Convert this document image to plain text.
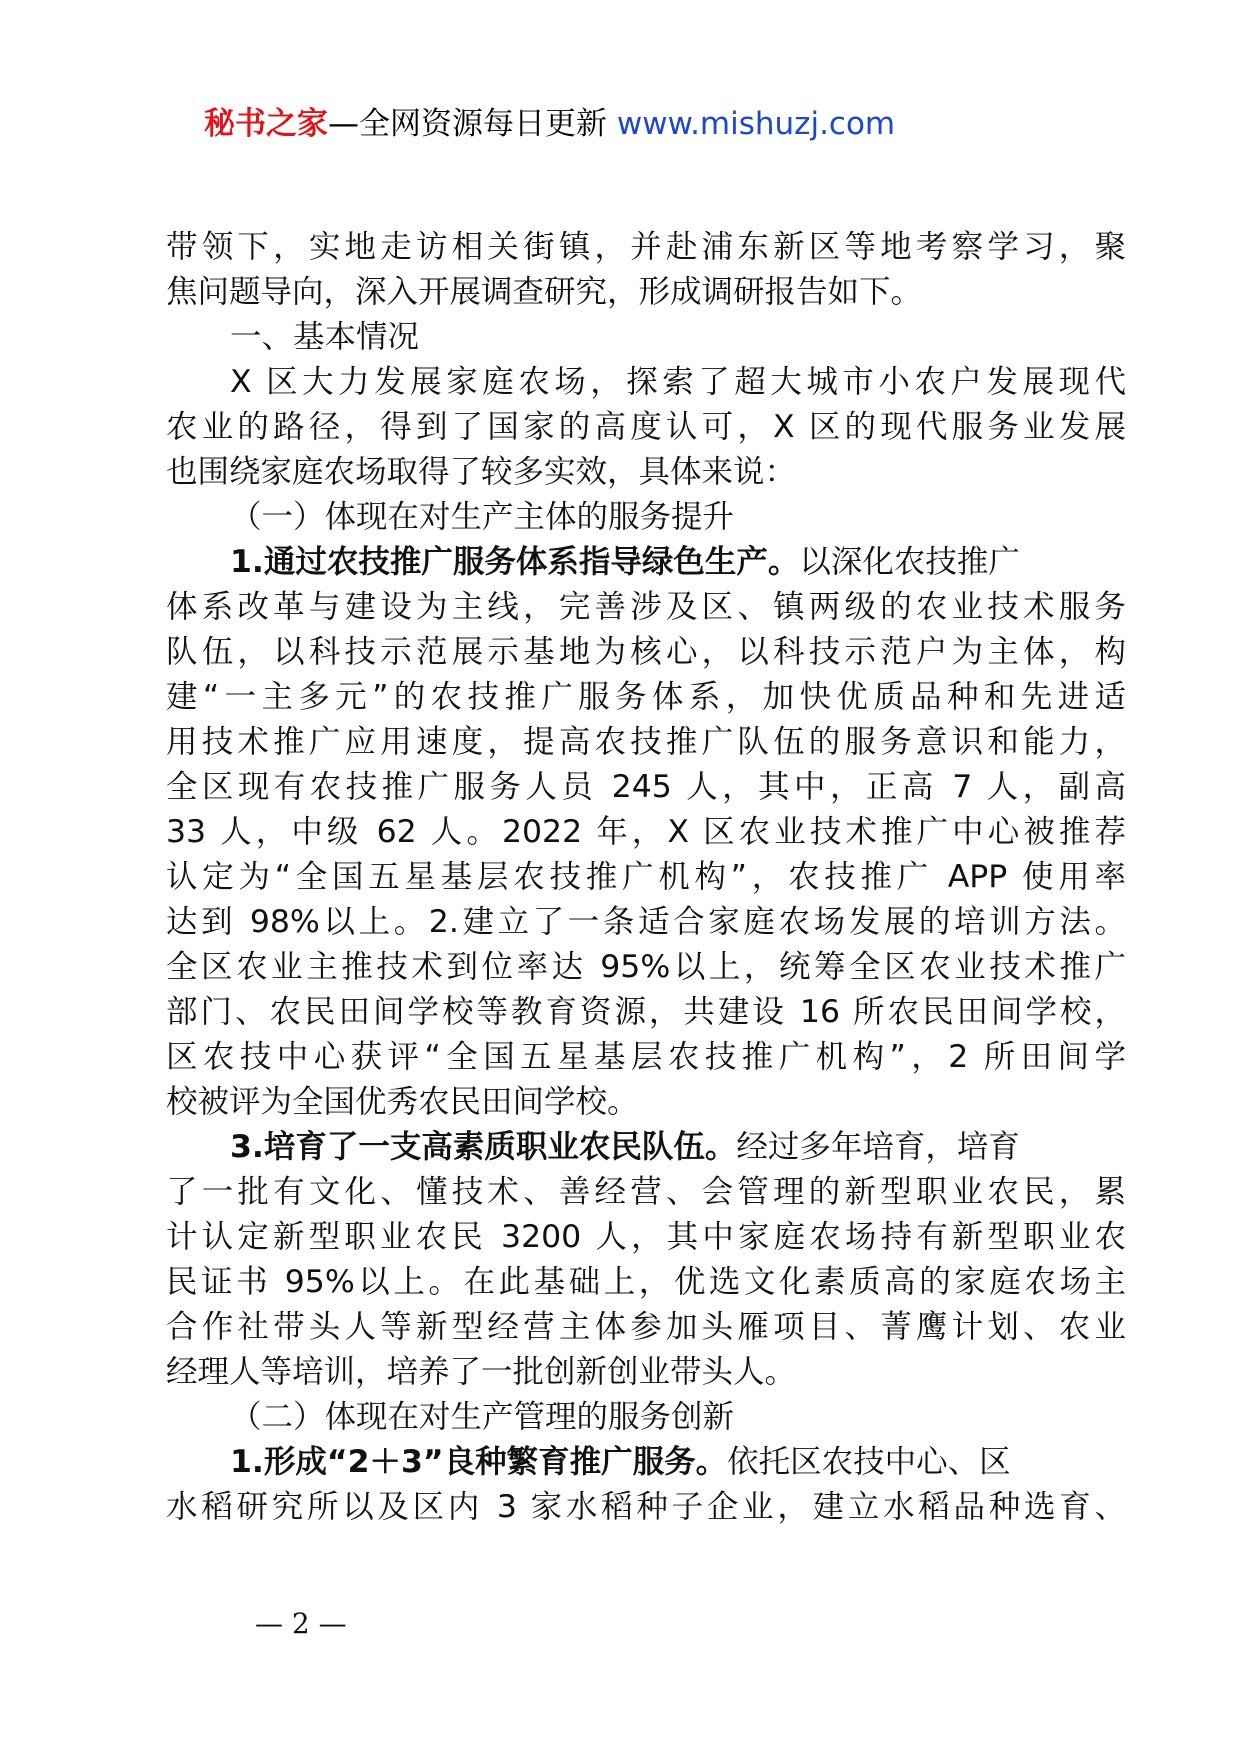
秘书之家—全网资源每日更新 www.mishuzj.com
带领下，实地走访相关街镇，并赴浦东新区等地考察学习，聚
焦问题导向，深入开展调查研究，形成调研报告如下。
一、基本情况
X 区大力发展家庭农场，探索了超大城市小农户发展现代
农业的路径，得到了国家的高度认可，X 区的现代服务业发展
也围绕家庭农场取得了较多实效，具体来说：
（一）体现在对生产主体的服务提升
1.通过农技推广服务体系指导绿色生产。以深化农技推广
体系改革与建设为主线，完善涉及区、镇两级的农业技术服务
队伍，以科技示范展示基地为核心，以科技示范户为主体，构
建“一主多元”的农技推广服务体系，加快优质品种和先进适
用技术推广应用速度，提高农技推广队伍的服务意识和能力，
全区现有农技推广服务人员 245 人，其中，正高 7 人，副高
33 人，中级 62 人。2022 年，X 区农业技术推广中心被推荐
认定为“全国五星基层农技推广机构”，农技推广 APP 使用率
达到 98%以上。2.建立了一条适合家庭农场发展的培训方法。
全区农业主推技术到位率达 95%以上，统筹全区农业技术推广
部门、农民田间学校等教育资源，共建设 16 所农民田间学校，
区农技中心获评“全国五星基层农技推广机构”，2 所田间学
校被评为全国优秀农民田间学校。
3.培育了一支高素质职业农民队伍。经过多年培育，培育
了一批有文化、懂技术、善经营、会管理的新型职业农民，累
计认定新型职业农民 3200 人，其中家庭农场持有新型职业农
民证书 95%以上。在此基础上，优选文化素质高的家庭农场主
合作社带头人等新型经营主体参加头雁项目、菁鹰计划、农业
经理人等培训，培养了一批创新创业带头人。
（二）体现在对生产管理的服务创新
1.形成“2＋3”良种繁育推广服务。依托区农技中心、区
水稻研究所以及区内 3 家水稻种子企业，建立水稻品种选育、
— 2 —
